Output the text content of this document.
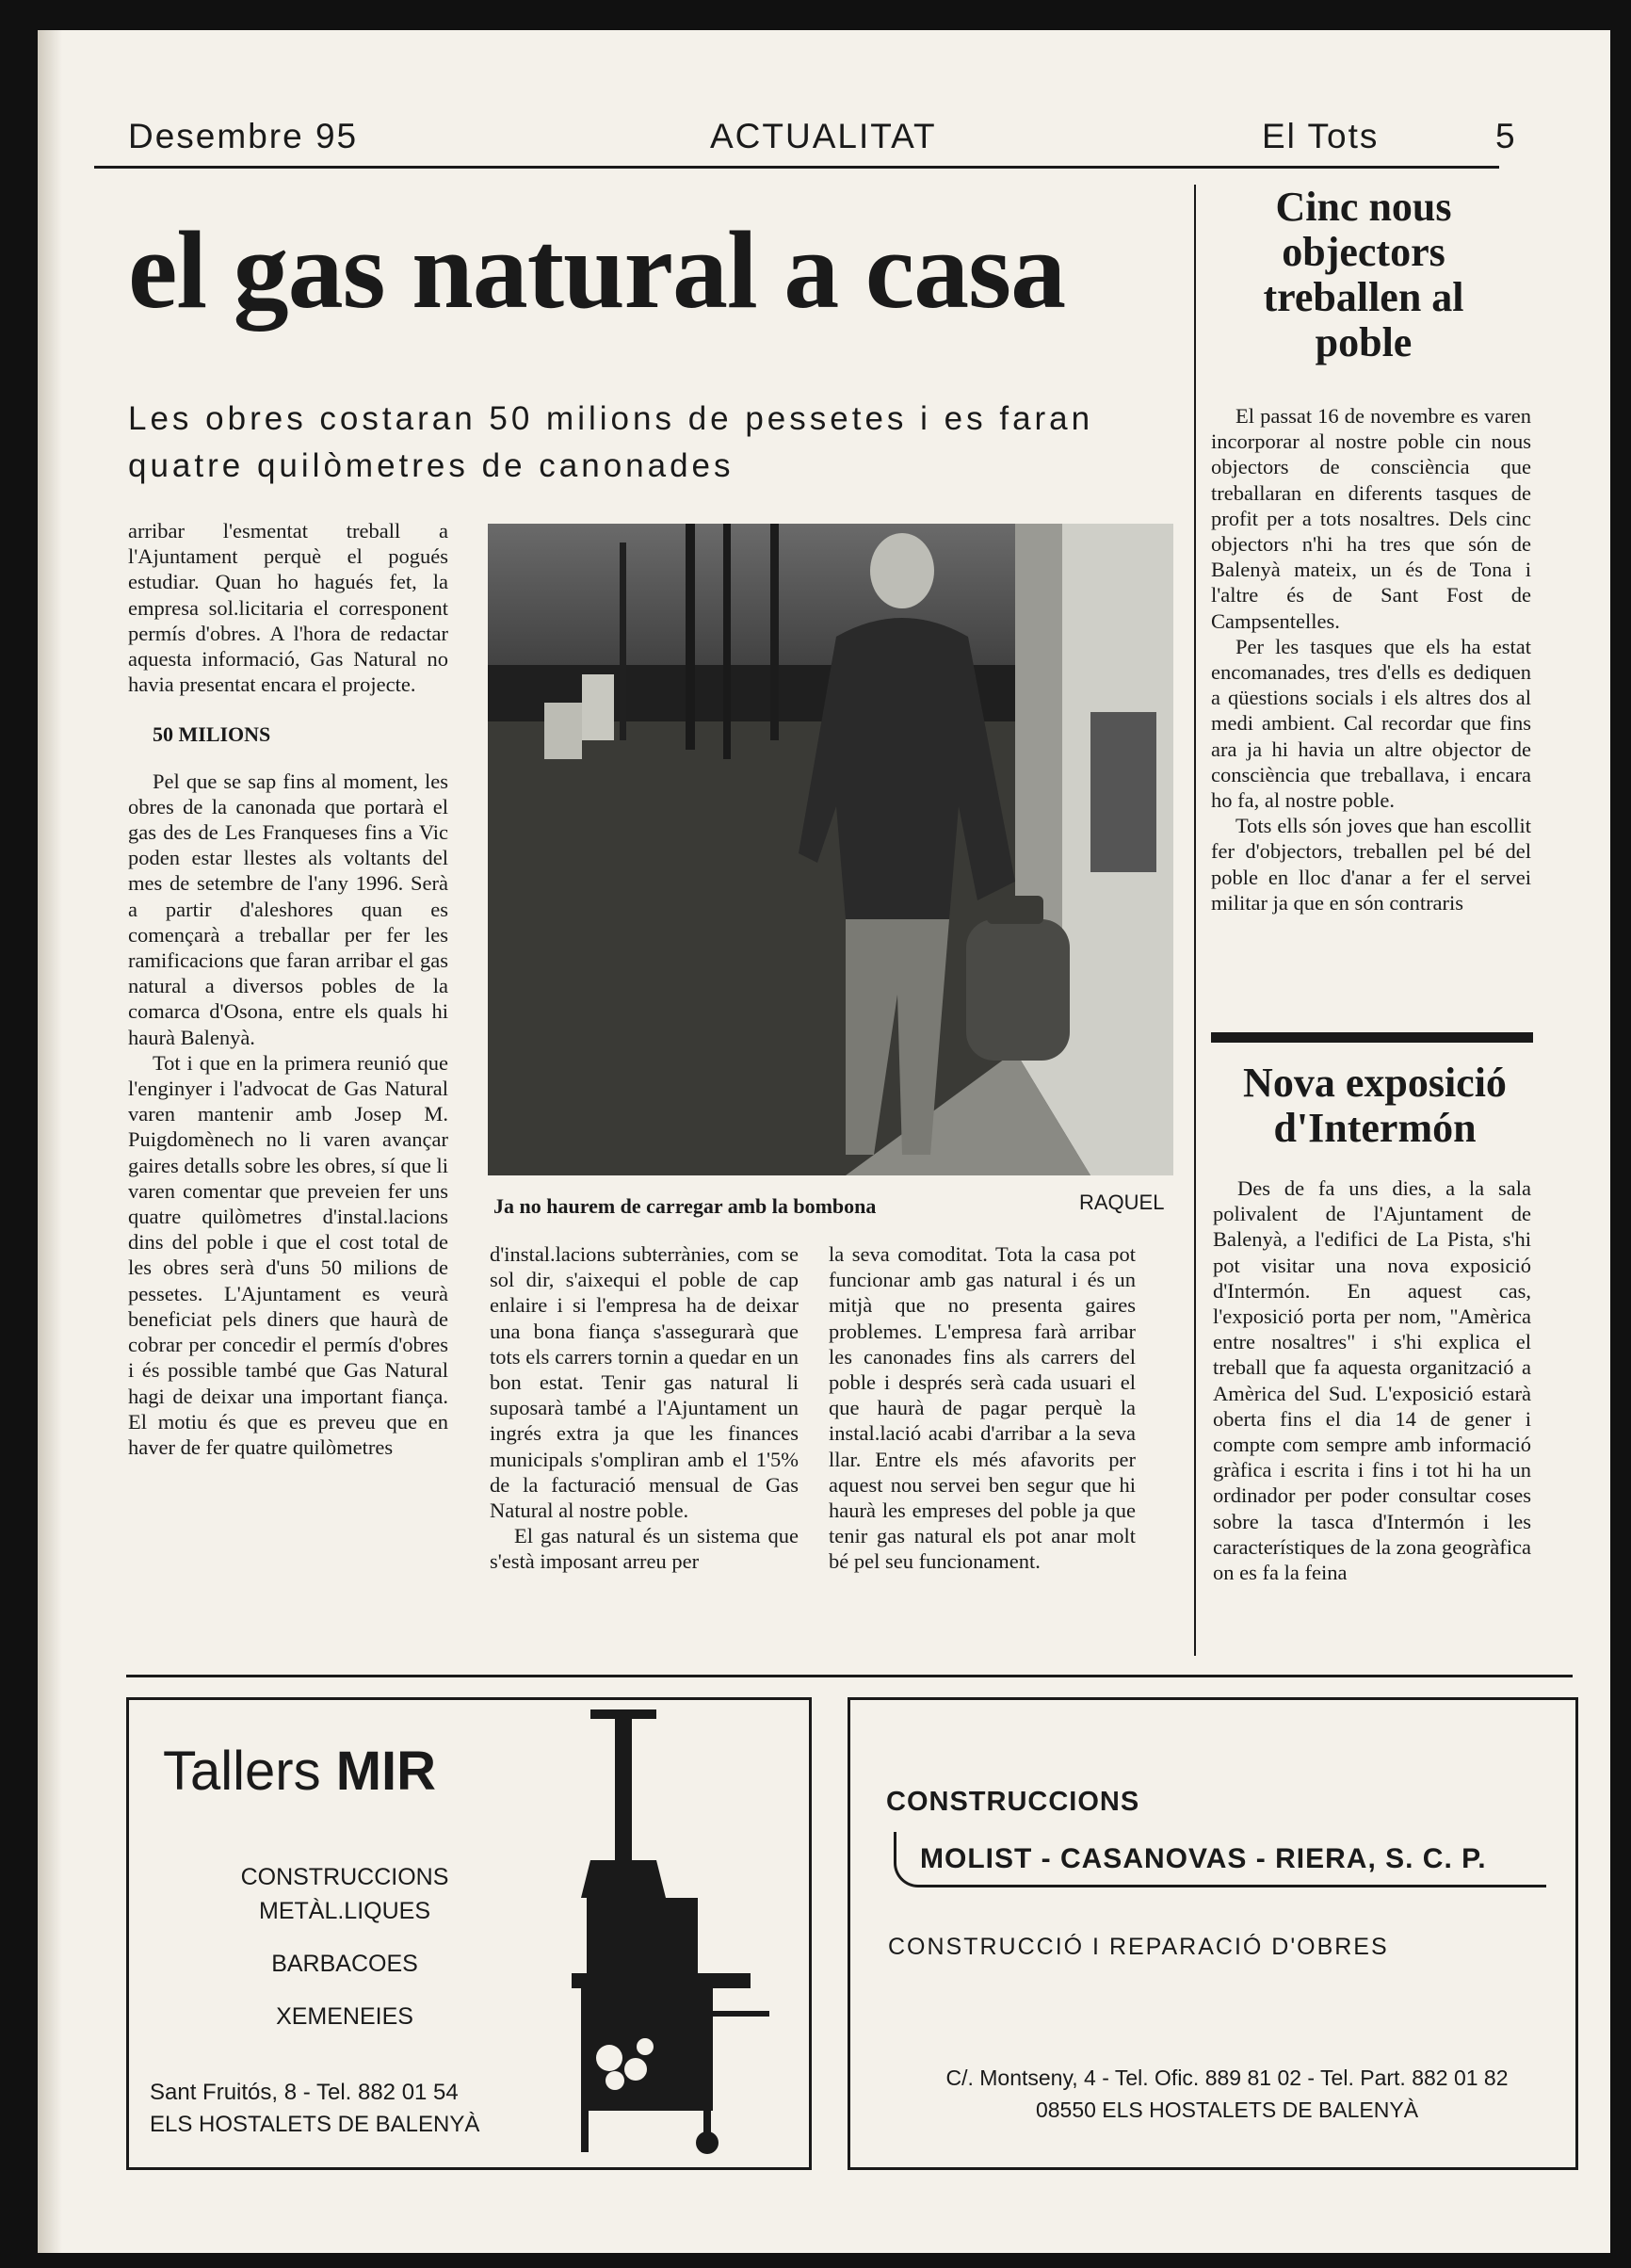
Desembre 95	ACTUALITAT	El Tots	5
el gas natural a casa
Les obres costaran 50 milions de pessetes i es faran quatre quilòmetres de canonades

arribar l'esmentat treball a l'Ajuntament perquè el pogués estudiar. Quan ho hagués fet, la empresa sol.licitaria el corresponent permís d'obres. A l'hora de redactar aquesta informació, Gas Natural no havia presentat encara el projecte.

50 MILIONS

Pel que se sap fins al moment, les obres de la canonada que portarà el gas des de Les Franqueses fins a Vic poden estar llestes als voltants del mes de setembre de l'any 1996. Serà a partir d'aleshores quan es començarà a treballar per fer les ramificacions que faran arribar el gas natural a diversos pobles de la comarca d'Osona, entre els quals hi haurà Balenyà.

Tot i que en la primera reunió que l'enginyer i l'advocat de Gas Natural varen mantenir amb Josep M. Puigdomènech no li varen avançar gaires detalls sobre les obres, sí que li varen comentar que preveien fer uns quatre quilòmetres d'instal.lacions dins del poble i que el cost total de les obres serà d'uns 50 milions de pessetes. L'Ajuntament es veurà beneficiat pels diners que haurà de cobrar per concedir el permís d'obres i és possible també que Gas Natural hagi de deixar una important fiança. El motiu és que es preveu que en haver de fer quatre quilòmetres

Ja no haurem de carregar amb la bombona	RAQUEL

d'instal.lacions subterrànies, com se sol dir, s'aixequi el poble de cap enlaire i si l'empresa ha de deixar una bona fiança s'assegurarà que tots els carrers tornin a quedar en un bon estat. Tenir gas natural li suposarà també a l'Ajuntament un ingrés extra ja que les finances municipals s'ompliran amb el 1'5% de la facturació mensual de Gas Natural al nostre poble.

El gas natural és un sistema que s'està imposant arreu per

la seva comoditat. Tota la casa pot funcionar amb gas natural i és un mitjà que no presenta gaires problemes. L'empresa farà arribar les canonades fins als carrers del poble i després serà cada usuari el que haurà de pagar perquè la instal.lació acabi d'arribar a la seva llar. Entre els més afavorits per aquest nou servei ben segur que hi haurà les empreses del poble ja que tenir gas natural els pot anar molt bé pel seu funcionament.

Cinc nous
objectors
treballen al
poble

El passat 16 de novembre es varen incorporar al nostre poble cin nous objectors de consciència que treballaran en diferents tasques de profit per a tots nosaltres. Dels cinc objectors n'hi ha tres que són de Balenyà mateix, un és de Tona i l'altre és de Sant Fost de Campsentelles.

Per les tasques que els ha estat encomanades, tres d'ells es dediquen a qüestions socials i els altres dos al medi ambient. Cal recordar que fins ara ja hi havia un altre objector de consciència que treballava, i encara ho fa, al nostre poble.

Tots ells són joves que han escollit fer d'objectors, treballen pel bé del poble en lloc d'anar a fer el servei militar ja que en són contraris

Nova exposició
d'Intermón

Des de fa uns dies, a la sala polivalent de l'Ajuntament de Balenyà, a l'edifici de La Pista, s'hi pot visitar una nova exposició d'Intermón. En aquest cas, l'exposició porta per nom, "Amèrica entre nosaltres" i s'hi explica el treball que fa aquesta organització a Amèrica del Sud. L'exposició estarà oberta fins el dia 14 de gener i compte com sempre amb informació gràfica i escrita i fins i tot hi ha un ordinador per poder consultar coses sobre la tasca d'Intermón i les característiques de la zona geogràfica on es fa la feina

Tallers MIR
CONSTRUCCIONS
METÀL.LIQUES
BARBACOES
XEMENEIES
Sant Fruitós, 8 - Tel. 882 01 54
ELS HOSTALETS DE BALENYÀ
CONSTRUCCIONS
MOLIST - CASANOVAS - RIERA, S. C. P.
CONSTRUCCIÓ I REPARACIÓ D'OBRES
C/. Montseny, 4 - Tel. Ofic. 889 81 02 - Tel. Part. 882 01 82
08550 ELS HOSTALETS DE BALENYÀ
